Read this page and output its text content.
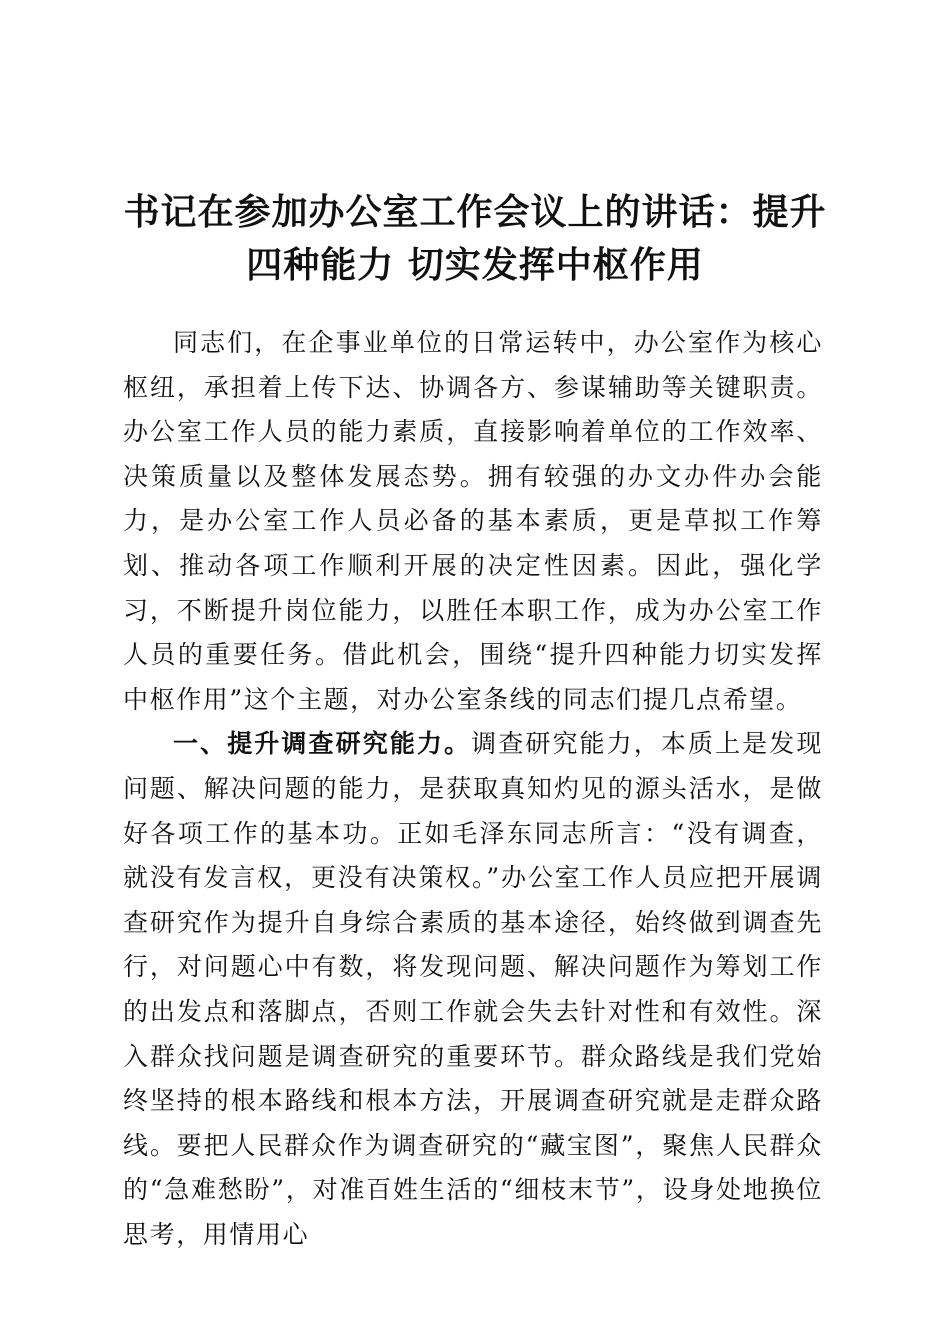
书记在参加办公室工作会议上的讲话：提升四种能力 切实发挥中枢作用

同志们，在企事业单位的日常运转中，办公室作为核心枢纽，承担着上传下达、协调各方、参谋辅助等关键职责。办公室工作人员的能力素质，直接影响着单位的工作效率、决策质量以及整体发展态势。拥有较强的办文办件办会能力，是办公室工作人员必备的基本素质，更是草拟工作筹划、推动各项工作顺利开展的决定性因素。因此，强化学习，不断提升岗位能力，以胜任本职工作，成为办公室工作人员的重要任务。借此机会，围绕“提升四种能力切实发挥中枢作用”这个主题，对办公室条线的同志们提几点希望。

一、提升调查研究能力。调查研究能力，本质上是发现问题、解决问题的能力，是获取真知灼见的源头活水，是做好各项工作的基本功。正如毛泽东同志所言：“没有调查，就没有发言权，更没有决策权。”办公室工作人员应把开展调查研究作为提升自身综合素质的基本途径，始终做到调查先行，对问题心中有数，将发现问题、解决问题作为筹划工作的出发点和落脚点，否则工作就会失去针对性和有效性。深入群众找问题是调查研究的重要环节。群众路线是我们党始终坚持的根本路线和根本方法，开展调查研究就是走群众路线。要把人民群众作为调查研究的“藏宝图”，聚焦人民群众的“急难愁盼”，对准百姓生活的“细枝末节”，设身处地换位思考，用情用心
